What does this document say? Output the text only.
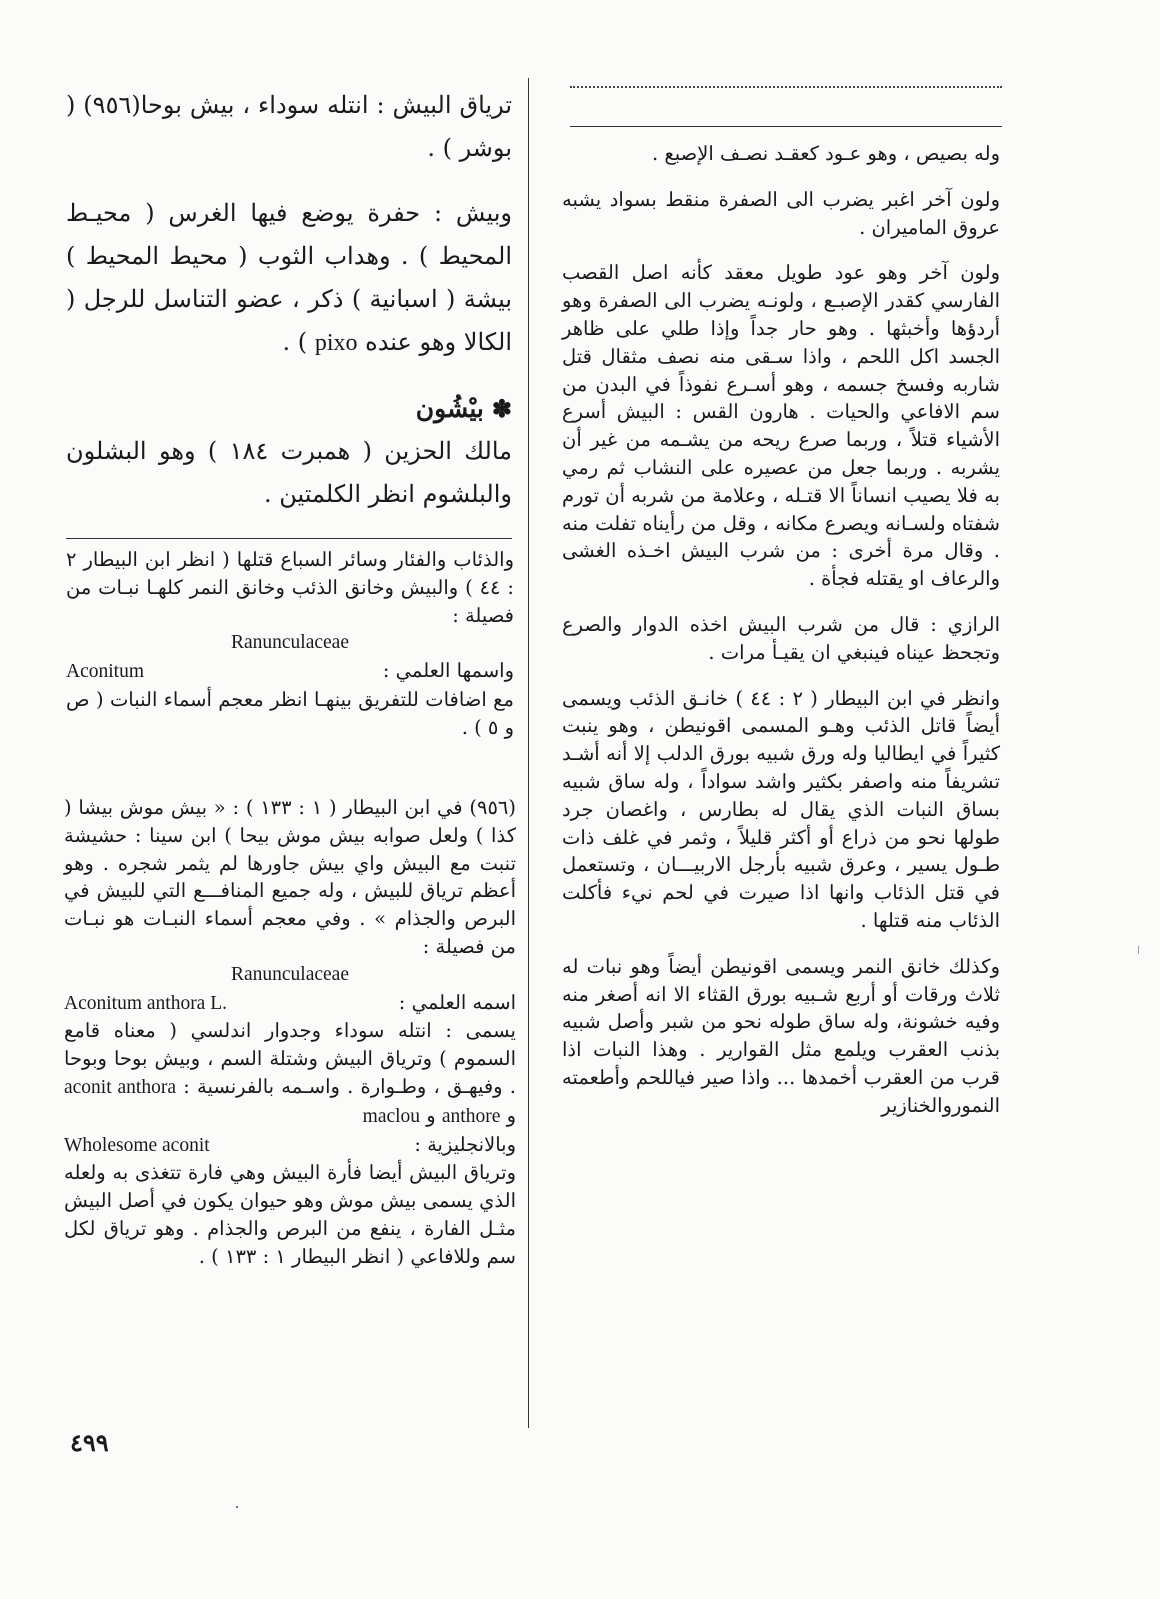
وله بصيص ، وهو عـود كعقـد نصـف الإصبع .

ولون آخر اغبر يضرب الى الصفرة منقط بسواد يشبه عروق الماميران .

ولون آخر وهو عود طويل معقد كأنه اصل القصب الفارسي كقدر الإصبـع ، ولونـه يضرب الى الصفرة وهو أردؤها وأخبثها . وهو حار جداً وإذا طلي على ظاهر الجسد اكل اللحم ، واذا سـقى منه نصف مثقال قتل شاربه وفسخ جسمه ، وهو أسـرع نفوذاً في البدن من سم الافاعي والحيات . هارون القس : البيش أسرع الأشياء قتلاً ، وربما صرع ريحه من يشـمه من غير أن يشربه . وربما جعل من عصيره على النشاب ثم رمي به فلا يصيب انساناً الا قتـله ، وعلامة من شربه أن تورم شفتاه ولسـانه ويصرع مكانه ، وقل من رأيناه تفلت منه . وقال مرة أخرى : من شرب البيش اخـذه الغشى والرعاف او يقتله فجأة .

الرازي : قال من شرب البيش اخذه الدوار والصرع وتجحظ عيناه فينبغي ان يقيـأ مرات .

وانظر في ابن البيطار ( ٢ : ٤٤ ) خانـق الذئب ويسمى أيضاً قاتل الذئب وهـو المسمى اقونيطن ، وهو ينبت كثيراً في ايطاليا وله ورق شبيه بورق الدلب إلا أنه أشـد تشريفاً منه واصفر بكثير واشد سواداً ، وله ساق شبيه بساق النبات الذي يقال له بطارس ، واغصان جرد طولها نحو من ذراع أو أكثر قليلاً ، وثمر في غلف ذات طـول يسير ، وعرق شبيه بأرجل الاربيـــان ، وتستعمل في قتل الذئاب وانها اذا صيرت في لحم نيء فأكلت الذئاب منه قتلها .

وكذلك خانق النمر ويسمى اقونيطن أيضاً وهو نبات له ثلاث ورقات أو أربع شـبيه بورق القثاء الا انه أصغر منه وفيه خشونة، وله ساق طوله نحو من شبر وأصل شبيه بذنب العقرب ويلمع مثل القوارير . وهذا النبات اذا قرب من العقرب أخمدها ... واذا صير فياللحم وأطعمته النموروالخنازير

ترياق البيش : انتله سوداء ، بيش بوحا(٩٥٦) ( بوشر ) .

وبيش : حفرة يوضع فيها الغرس ( محيـط المحيط ) . وهداب الثوب ( محيط المحيط ) بيشة ( اسبانية ) ذكر ، عضو التناسل للرجل ( الكالا وهو عنده pixo ) .

✽بيْشُون

مالك الحزين ( همبرت ١٨٤ ) وهو البشلون والبلشوم انظر الكلمتين .

والذئاب والفئار وسائر السباع قتلها ( انظر ابن البيطار ٢ : ٤٤ ) والبيش وخانق الذئب وخانق النمر كلهـا نبـات من فصيلة :

Ranunculaceae
واسمها العلمي :
Aconitum

مع اضافات للتفريق بينهـا انظر معجم أسماء النبات ( ص و ٥ ) .

(٩٥٦) في ابن البيطار ( ١ : ١٣٣ ) : « بيش موش بيشا ( كذا ) ولعل صوابه بيش موش بيحا ) ابن سينا : حشيشة تنبت مع البيش واي بيش جاورها لم يثمر شجره . وهو أعظم ترياق للبيش ، وله جميع المنافـــع التي للبيش في البرص والجذام » . وفي معجم أسماء النبـات هو نبـات من فصيلة :

Ranunculaceae
اسمه العلمي :
Aconitum anthora L.

يسمى : انتله سوداء وجدوار اندلسي ( معناه قامع السموم ) وترياق البيش وشتلة السم ، وبيش بوحا وبوحا . وفيهـق ، وطـوارة . واسـمه بالفرنسية : aconit anthora و anthore و maclou

وبالانجليزية :
Wholesome aconit

وترياق البيش أيضا فأرة البيش وهي فارة تتغذى به ولعله الذي يسمى بيش موش وهو حيوان يكون في أصل البيش مثـل الفارة ، ينفع من البرص والجذام . وهو ترياق لكل سم وللافاعي ( انظر البيطار ١ : ١٣٣ ) .

٤٩٩
